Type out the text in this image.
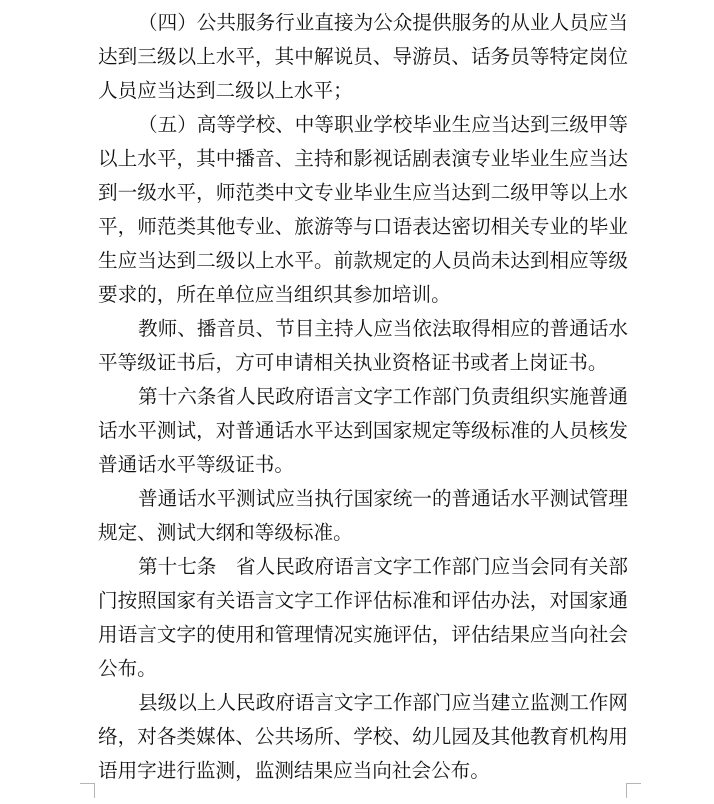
（四）公共服务行业直接为公众提供服务的从业人员应当达到三级以上水平，其中解说员、导游员、话务员等特定岗位人员应当达到二级以上水平；

（五）高等学校、中等职业学校毕业生应当达到三级甲等以上水平，其中播音、主持和影视话剧表演专业毕业生应当达到一级水平，师范类中文专业毕业生应当达到二级甲等以上水平，师范类其他专业、旅游等与口语表达密切相关专业的毕业生应当达到二级以上水平。前款规定的人员尚未达到相应等级要求的，所在单位应当组织其参加培训。

教师、播音员、节目主持人应当依法取得相应的普通话水平等级证书后，方可申请相关执业资格证书或者上岗证书。

第十六条省人民政府语言文字工作部门负责组织实施普通话水平测试，对普通话水平达到国家规定等级标准的人员核发普通话水平等级证书。

普通话水平测试应当执行国家统一的普通话水平测试管理规定、测试大纲和等级标准。

第十七条　省人民政府语言文字工作部门应当会同有关部门按照国家有关语言文字工作评估标准和评估办法，对国家通用语言文字的使用和管理情况实施评估，评估结果应当向社会公布。

县级以上人民政府语言文字工作部门应当建立监测工作网络，对各类媒体、公共场所、学校、幼儿园及其他教育机构用语用字进行监测，监测结果应当向社会公布。
